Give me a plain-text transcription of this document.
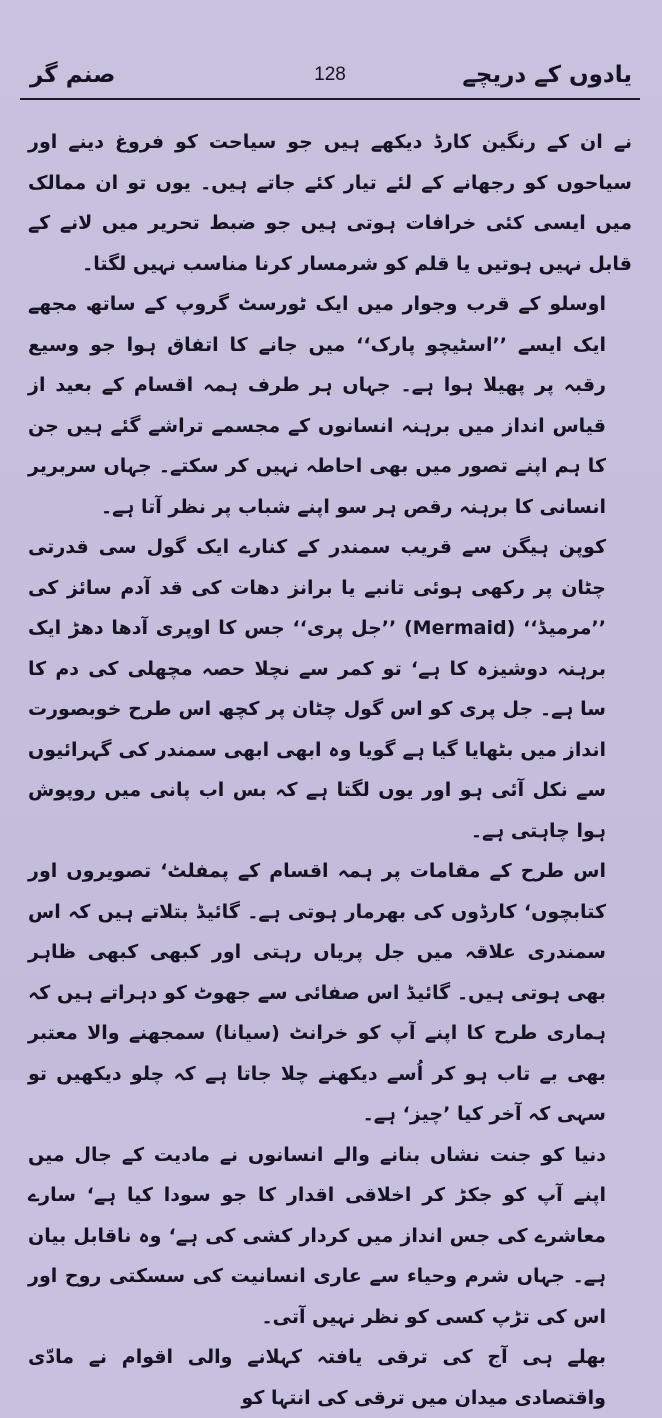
یادوں کے دریچے
128
صنم گر

نے ان کے رنگین کارڈ دیکھے ہیں جو سیاحت کو فروغ دینے اور سیاحوں کو رجھانے کے لئے تیار کئے جاتے ہیں۔ یوں تو ان ممالک میں ایسی کئی خرافات ہوتی ہیں جو ضبط تحریر میں لانے کے قابل نہیں ہوتیں یا قلم کو شرمسار کرنا مناسب نہیں لگتا۔

اوسلو کے قرب وجوار میں ایک ٹورسٹ گروپ کے ساتھ مجھے ایک ایسے ’’اسٹیچو پارک‘‘ میں جانے کا اتفاق ہوا جو وسیع رقبہ پر پھیلا ہوا ہے۔ جہاں ہر طرف ہمہ اقسام کے بعید از قیاس انداز میں برہنہ انسانوں کے مجسمے تراشے گئے ہیں جن کا ہم اپنے تصور میں بھی احاطہ نہیں کر سکتے۔ جہاں سربریر انسانی کا برہنہ رقص ہر سو اپنے شباب پر نظر آتا ہے۔

کوپن ہیگن سے قریب سمندر کے کنارے ایک گول سی قدرتی چٹان پر رکھی ہوئی تانبے یا برانز دھات کی قد آدم سائز کی ’’مرمیڈ‘‘ (Mermaid) ’’جل پری‘‘ جس کا اوپری آدھا دھڑ ایک برہنہ دوشیزہ کا ہے‘ تو کمر سے نچلا حصہ مچھلی کی دم کا سا ہے۔ جل پری کو اس گول چٹان پر کچھ اس طرح خوبصورت انداز میں بٹھایا گیا ہے گویا وہ ابھی ابھی سمندر کی گہرائیوں سے نکل آئی ہو اور یوں لگتا ہے کہ بس اب پانی میں روپوش ہوا چاہتی ہے۔

اس طرح کے مقامات پر ہمہ اقسام کے پمفلٹ‘ تصویروں اور کتابچوں‘ کارڈوں کی بھرمار ہوتی ہے۔ گائیڈ بتلاتے ہیں کہ اس سمندری علاقہ میں جل پریاں رہتی اور کبھی کبھی ظاہر بھی ہوتی ہیں۔ گائیڈ اس صفائی سے جھوٹ کو دہراتے ہیں کہ ہماری طرح کا اپنے آپ کو خرانٹ (سیانا) سمجھنے والا معتبر بھی بے تاب ہو کر اُسے دیکھنے چلا جاتا ہے کہ چلو دیکھیں تو سہی کہ آخر کیا ’چیز‘ ہے۔

دنیا کو جنت نشاں بنانے والے انسانوں نے مادیت کے جال میں اپنے آپ کو جکڑ کر اخلاقی اقدار کا جو سودا کیا ہے‘ سارے معاشرے کی جس انداز میں کردار کشی کی ہے‘ وہ ناقابل بیان ہے۔ جہاں شرم وحیاء سے عاری انسانیت کی سسکتی روح اور اس کی تڑپ کسی کو نظر نہیں آتی۔

بھلے ہی آج کی ترقی یافتہ کہلانے والی اقوام نے مادّی واقتصادی میدان میں ترقی کی انتہا کو
